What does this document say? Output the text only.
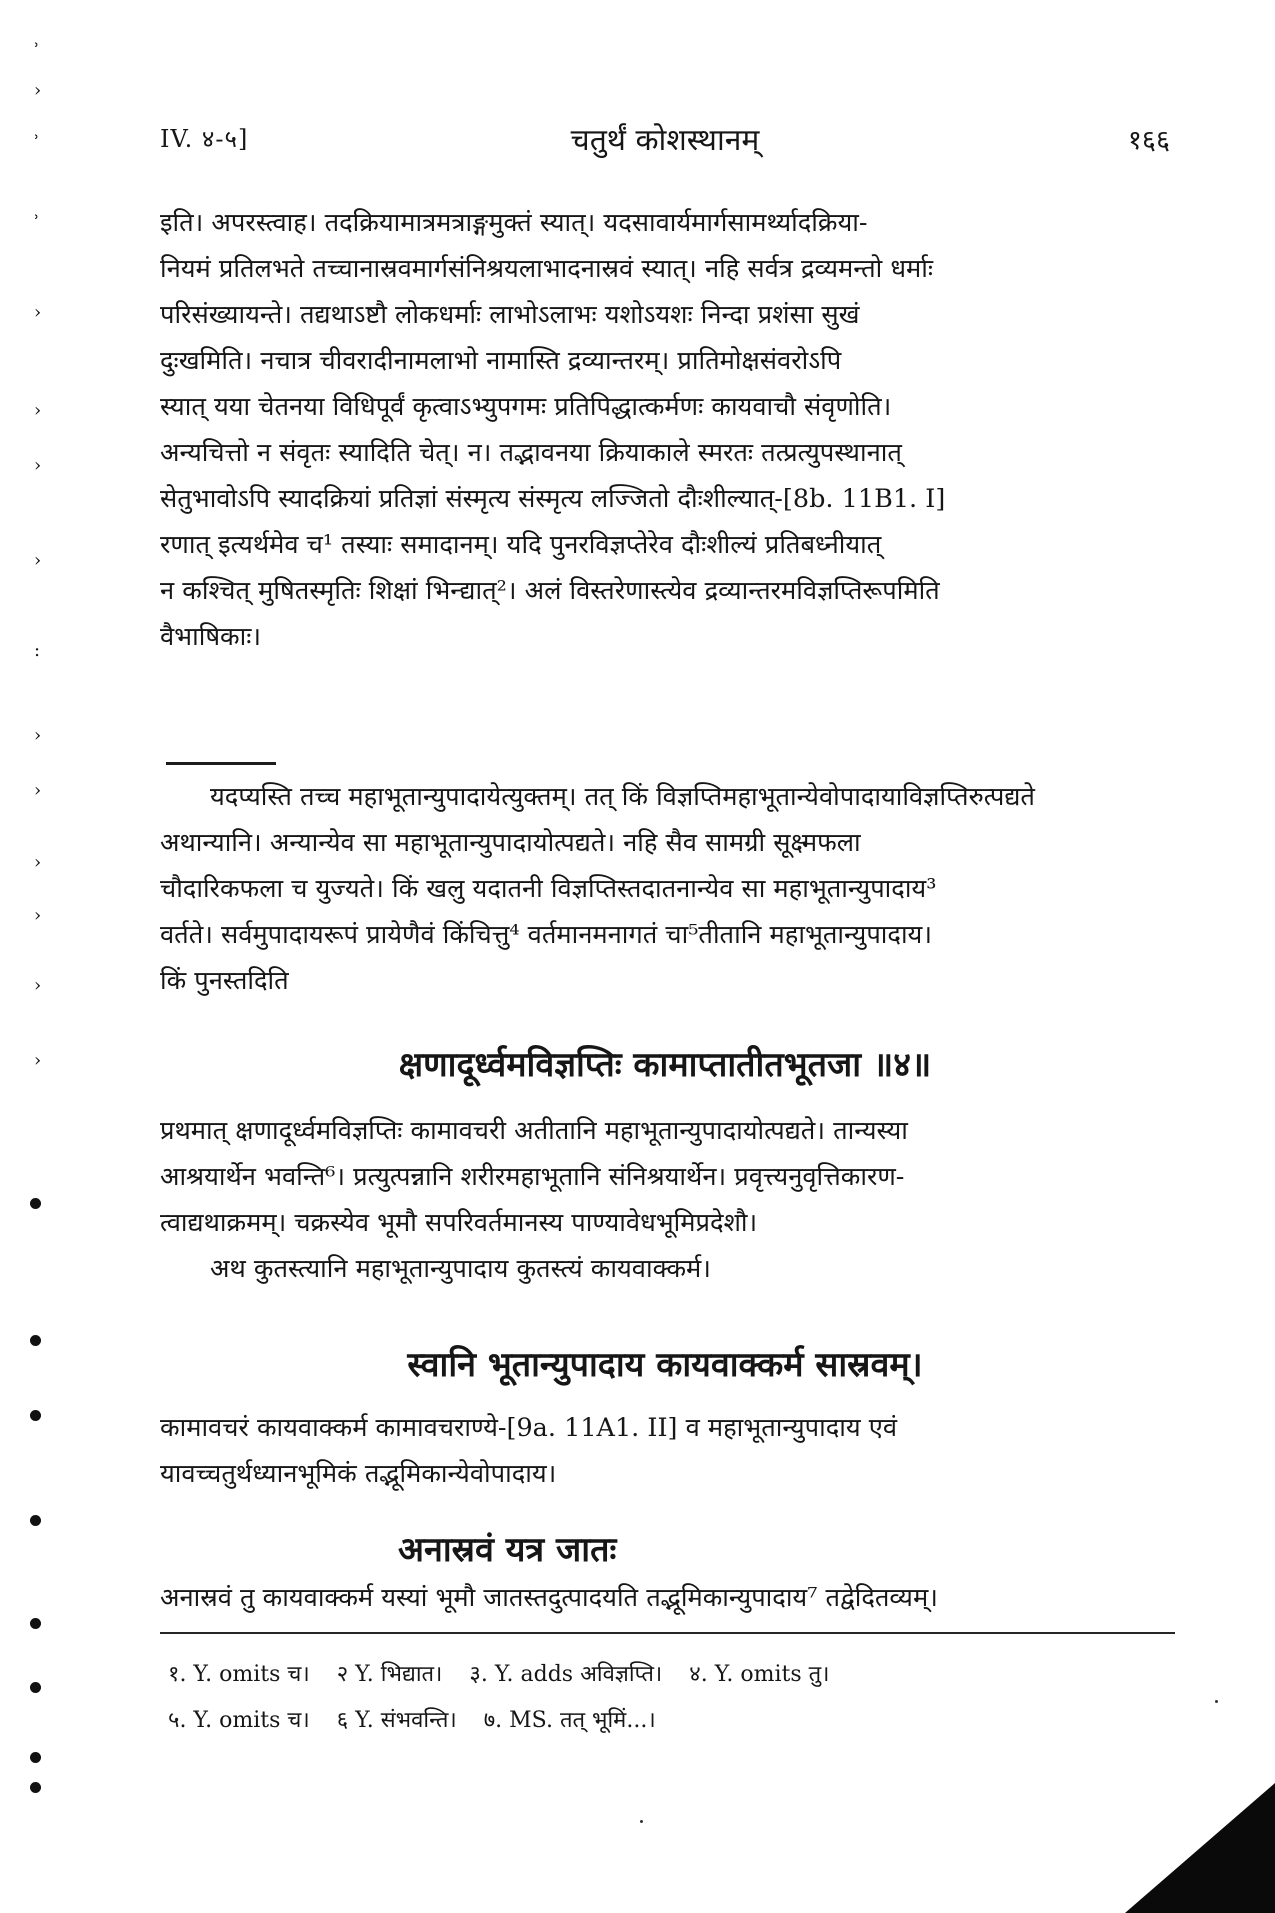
IV. ४-५]	चतुर्थं कोशस्थानम्	१६६

इति। अपरस्त्वाह। तदक्रियामात्रमत्राङ्गमुक्तं स्यात्। यदसावार्यमार्गसामर्थ्यादक्रिया-

नियमं प्रतिलभते तच्चानास्रवमार्गसंनिश्रयलाभादनास्रवं स्यात्। नहि सर्वत्र द्रव्यमन्तो धर्माः

परिसंख्यायन्ते। तद्यथाऽष्टौ लोकधर्माः लाभोऽलाभः यशोऽयशः निन्दा प्रशंसा सुखं

दुःखमिति। नचात्र चीवरादीनामलाभो नामास्ति द्रव्यान्तरम्। प्रातिमोक्षसंवरोऽपि

स्यात् यया चेतनया विधिपूर्वं कृत्वाऽभ्युपगमः प्रतिपिद्धात्कर्मणः कायवाचौ संवृणोति।

अन्यचित्तो न संवृतः स्यादिति चेत्। न। तद्भावनया क्रियाकाले स्मरतः तत्प्रत्युपस्थानात्

सेतुभावोऽपि स्यादक्रियां प्रतिज्ञां संस्मृत्य संस्मृत्य लज्जितो दौःशील्यात्-[8b. 11B1. I]

रणात् इत्यर्थमेव च¹ तस्याः समादानम्। यदि पुनरविज्ञप्तेरेव दौःशील्यं प्रतिबध्नीयात्

न कश्चित् मुषितस्मृतिः शिक्षां भिन्द्यात्²। अलं विस्तरेणास्त्येव द्रव्यान्तरमविज्ञप्तिरूपमिति

वैभाषिकाः।

यदप्यस्ति तच्च महाभूतान्युपादायेत्युक्तम्। तत् किं विज्ञप्तिमहाभूतान्येवोपादायाविज्ञप्तिरुत्पद्यते

अथान्यानि। अन्यान्येव सा महाभूतान्युपादायोत्पद्यते। नहि सैव सामग्री सूक्ष्मफला

चौदारिकफला च युज्यते। किं खलु यदातनी विज्ञप्तिस्तदातनान्येव सा महाभूतान्युपादाय³

वर्तते। सर्वमुपादायरूपं प्रायेणैवं किंचित्तु⁴ वर्तमानमनागतं चा⁵तीतानि महाभूतान्युपादाय।

किं पुनस्तदिति

क्षणादूर्ध्वमविज्ञप्तिः कामाप्तातीतभूतजा ॥४॥

प्रथमात् क्षणादूर्ध्वमविज्ञप्तिः कामावचरी अतीतानि महाभूतान्युपादायोत्पद्यते। तान्यस्या

आश्रयार्थेन भवन्ति⁶। प्रत्युत्पन्नानि शरीरमहाभूतानि संनिश्रयार्थेन। प्रवृत्त्यनुवृत्तिकारण-

त्वाद्यथाक्रमम्। चक्रस्येव भूमौ सपरिवर्तमानस्य पाण्यावेधभूमिप्रदेशौ।

अथ कुतस्त्यानि महाभूतान्युपादाय कुतस्त्यं कायवाक्कर्म।

स्वानि भूतान्युपादाय कायवाक्कर्म सास्रवम्।

कामावचरं कायवाक्कर्म कामावचराण्ये-[9a. 11A1. II] व महाभूतान्युपादाय एवं

यावच्चतुर्थध्यानभूमिकं तद्भूमिकान्येवोपादाय।

अनास्रवं यत्र जातः

अनास्रवं तु कायवाक्कर्म यस्यां भूमौ जातस्तदुत्पादयति तद्भूमिकान्युपादाय⁷ तद्वेदितव्यम्।

१. Y. omits च। २ Y. भिद्यात। ३. Y. adds अविज्ञप्ति। ४. Y. omits तु।
५. Y. omits च। ६ Y. संभवन्ति। ७. MS. तत् भूमिं...।
ʾ
›
ʾ
ʾ
›
›
›
›
:
›
›
›
›
›
›
